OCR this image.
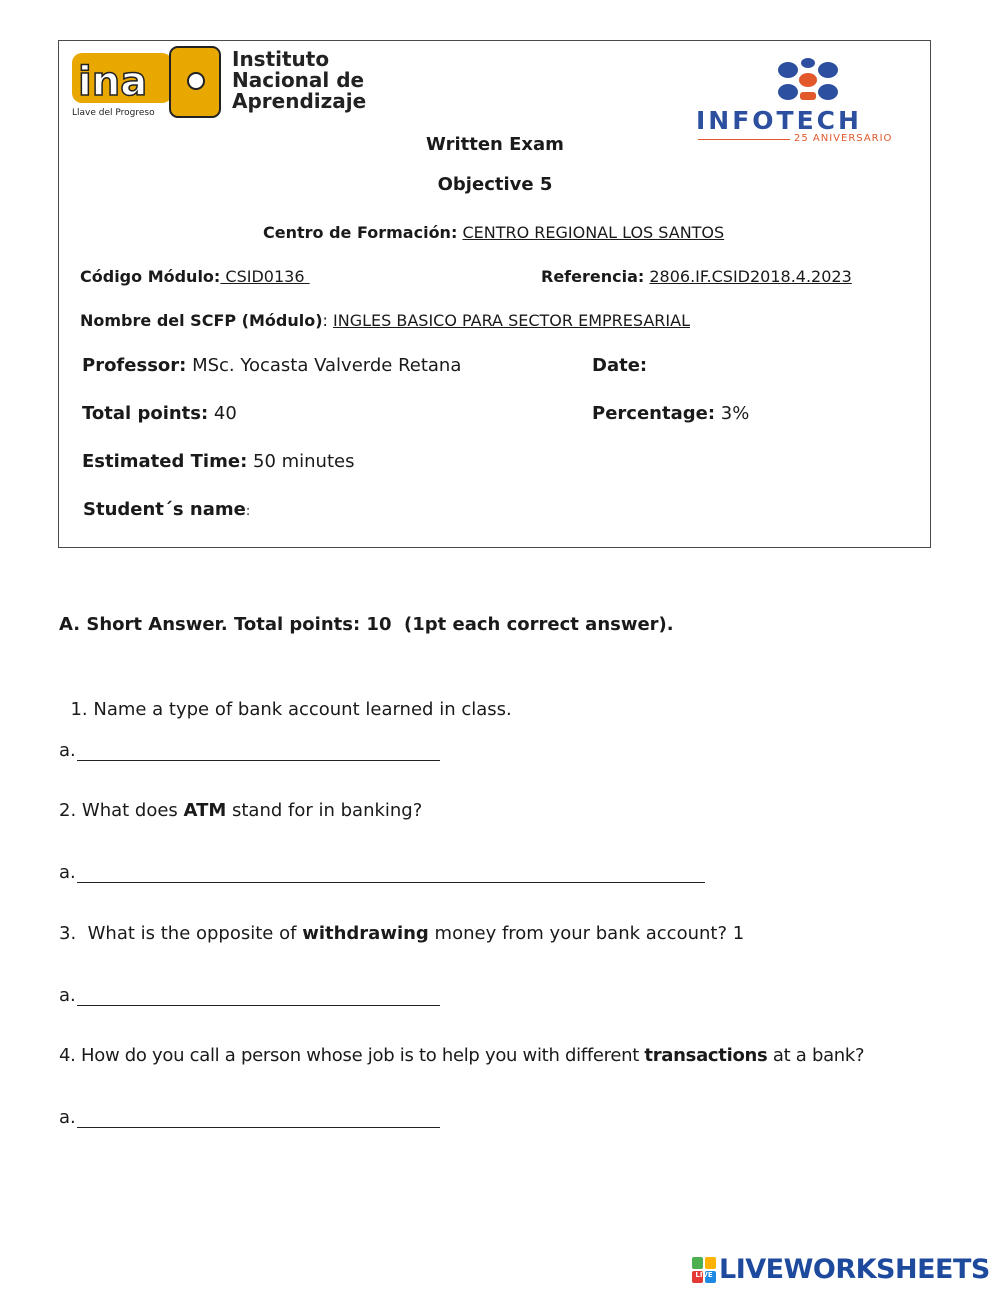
ina
Llave del Progreso
Instituto
Nacional de
Aprendizaje
INFOTECH
25 ANIVERSARIO
Written Exam
Objective 5
Centro de Formación: CENTRO REGIONAL LOS SANTOS
Código Módulo: CSID0136	Referencia: 2806.IF.CSID2018.4.2023
Nombre del SCFP (Módulo): INGLES BASICO PARA SECTOR EMPRESARIAL
Professor: MSc. Yocasta Valverde Retana	Date:
Total points: 40	Percentage: 3%
Estimated Time: 50 minutes
Student´s name:
A. Short Answer. Total points: 10  (1pt each correct answer).

1. Name a type of bank account learned in class.

a.
2. What does ATM stand for in banking?
a.
3.  What is the opposite of withdrawing money from your bank account? 1
a.
4. How do you call a person whose job is to help you with different transactions at a bank?
a.
LIVE LIVEWORKSHEETS
